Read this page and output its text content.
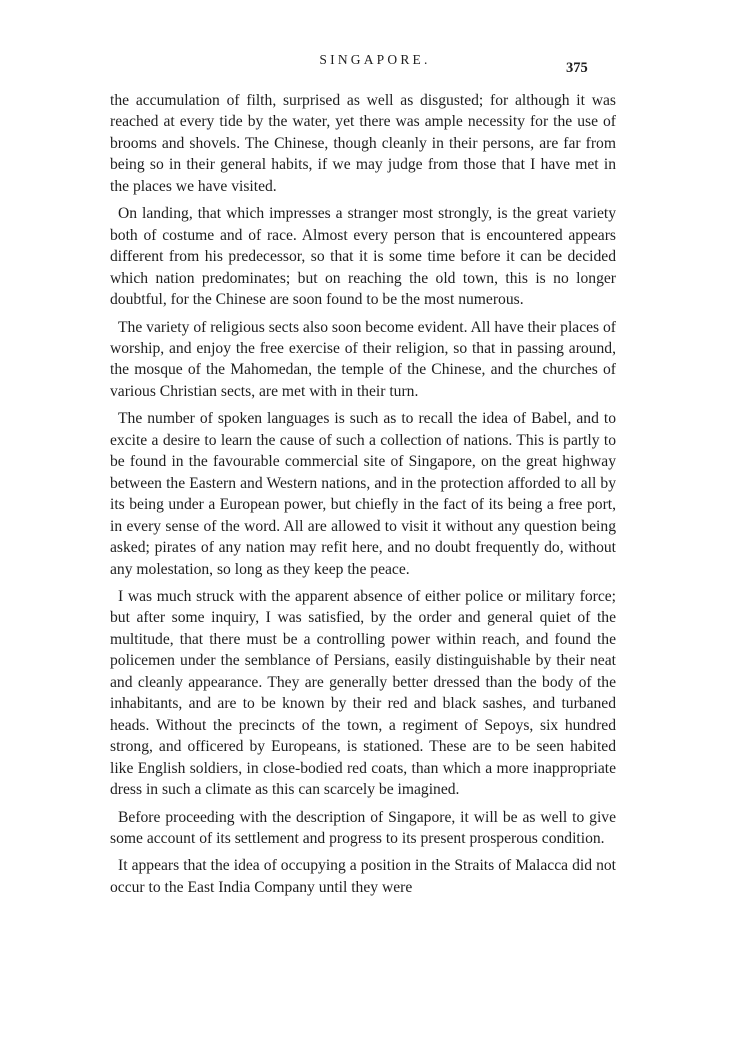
SINGAPORE.
375

the accumulation of filth, surprised as well as disgusted; for although it was reached at every tide by the water, yet there was ample necessity for the use of brooms and shovels. The Chinese, though cleanly in their persons, are far from being so in their general habits, if we may judge from those that I have met in the places we have visited.

On landing, that which impresses a stranger most strongly, is the great variety both of costume and of race. Almost every person that is encountered appears different from his predecessor, so that it is some time before it can be decided which nation predominates; but on reaching the old town, this is no longer doubtful, for the Chinese are soon found to be the most numerous.

The variety of religious sects also soon become evident. All have their places of worship, and enjoy the free exercise of their religion, so that in passing around, the mosque of the Mahomedan, the temple of the Chinese, and the churches of various Christian sects, are met with in their turn.

The number of spoken languages is such as to recall the idea of Babel, and to excite a desire to learn the cause of such a collection of nations. This is partly to be found in the favourable commercial site of Singapore, on the great highway between the Eastern and Western nations, and in the protection afforded to all by its being under a European power, but chiefly in the fact of its being a free port, in every sense of the word. All are allowed to visit it without any question being asked; pirates of any nation may refit here, and no doubt frequently do, without any molestation, so long as they keep the peace.

I was much struck with the apparent absence of either police or military force; but after some inquiry, I was satisfied, by the order and general quiet of the multitude, that there must be a controlling power within reach, and found the policemen under the semblance of Persians, easily distinguishable by their neat and cleanly appearance. They are generally better dressed than the body of the inhabitants, and are to be known by their red and black sashes, and turbaned heads. Without the precincts of the town, a regiment of Sepoys, six hundred strong, and officered by Europeans, is stationed. These are to be seen habited like English soldiers, in close-bodied red coats, than which a more inappropriate dress in such a climate as this can scarcely be imagined.

Before proceeding with the description of Singapore, it will be as well to give some account of its settlement and progress to its present prosperous condition.

It appears that the idea of occupying a position in the Straits of Malacca did not occur to the East India Company until they were
